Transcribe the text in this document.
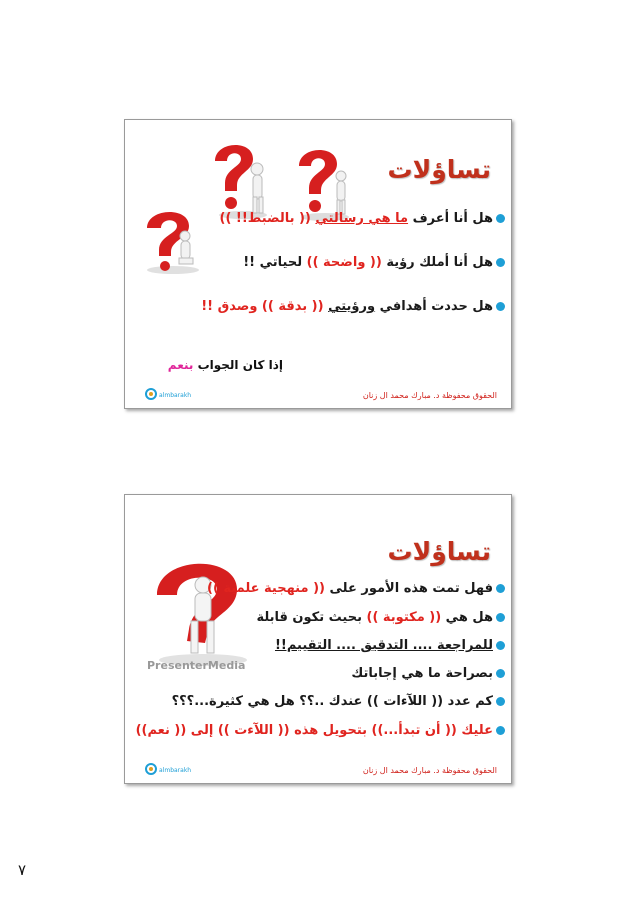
تساؤلات
هل أنا أعرف ما هي رسالتي (( بالضبط!! ))
هل أنا أملك رؤية (( واضحة )) لحياتي !!
هل حددت أهدافي ورؤيتي (( بدقة )) وصدق !!
إذا كان الجواب بنعم
الحقوق محفوظة د. مبارك محمد ال زنان
almbarakh
PresenterMedia
تساؤلات
فهل تمت هذه الأمور على (( منهجية علمية ))
هل هي (( مكتوبة )) بحيث تكون قابلة
للمراجعة .... التدقيق .... التقييم!!
بصراحة ما هي إجاباتك
كم عدد (( اللآءات )) عندك ..؟؟ هل هي كثيرة...؟؟؟
عليك (( أن تبدأ...)) بتحويل هذه (( اللآءت )) إلى (( نعم))
الحقوق محفوظة د. مبارك محمد ال زنان
almbarakh
٧
